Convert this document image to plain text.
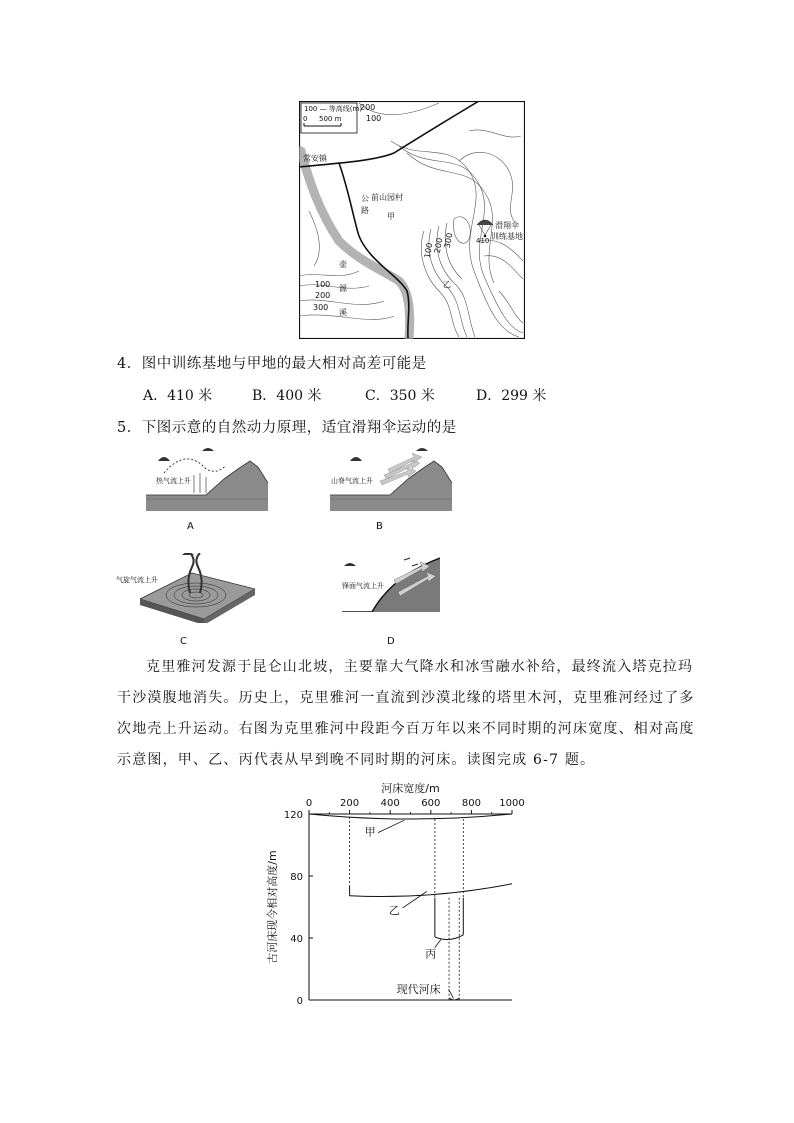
100 — 等高线(m)
0 500 m
200
100
常安镇
前山园村
公路
甲
乙
滑翔伞
训练基地
410
100
200
300
壶源溪
100
200
300
4．图中训练基地与甲地的最大相对高差可能是
A．410 米	B．400 米	C．350 米	D．299 米
5．下图示意的自然动力原理，适宜滑翔伞运动的是
热气流上升
A
山脊气流上升
B
气旋气流上升
C
锋面气流上升
D
克里雅河发源于昆仑山北坡，主要靠大气降水和冰雪融水补给，最终流入塔克拉玛
干沙漠腹地消失。历史上，克里雅河一直流到沙漠北缘的塔里木河，克里雅河经过了多
次地壳上升运动。右图为克里雅河中段距今百万年以来不同时期的河床宽度、相对高度
示意图，甲、乙、丙代表从早到晚不同时期的河床。读图完成 6-7 题。
0	200 400 600 800 1000
0
40
80
120
河床宽度/m
古河床现今相对高度/m
甲
乙
丙
现代河床
